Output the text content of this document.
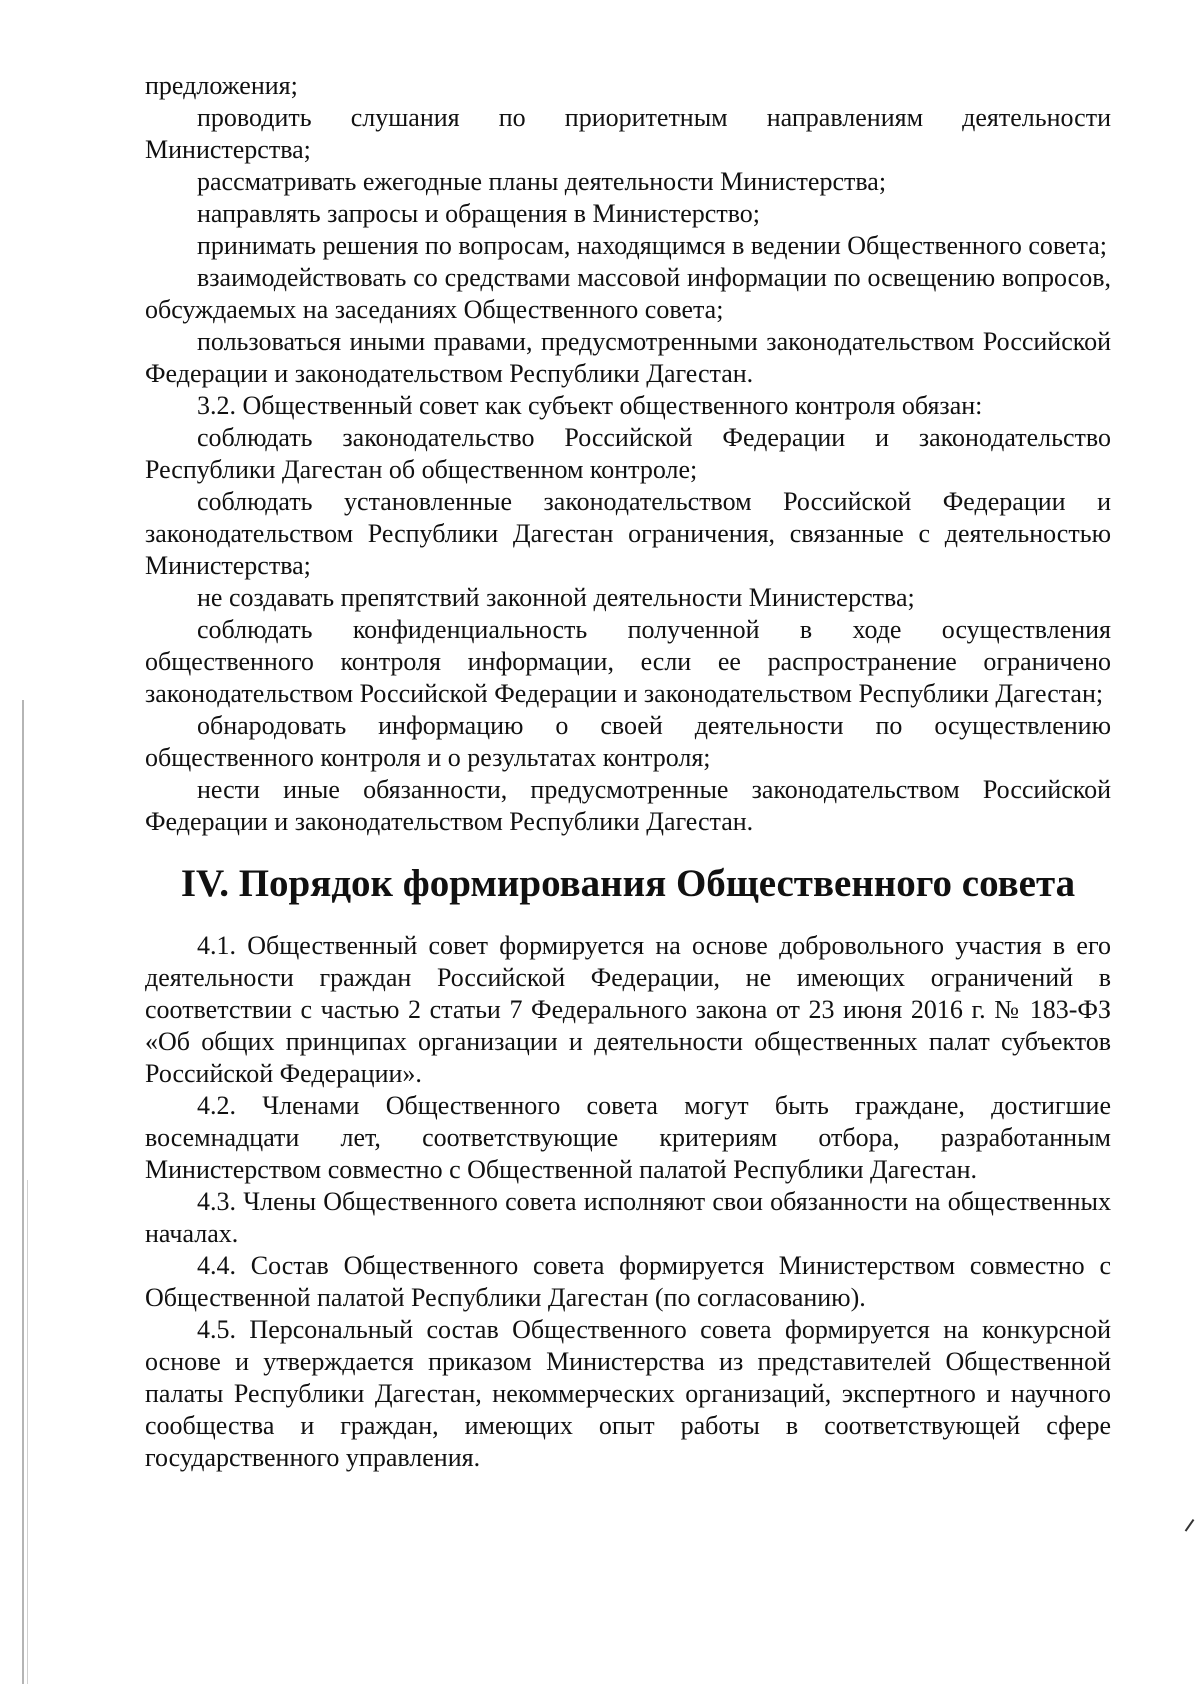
предложения;

проводить слушания по приоритетным направлениям деятельности Министерства;

рассматривать ежегодные планы деятельности Министерства;

направлять запросы и обращения в Министерство;

принимать решения по вопросам, находящимся в ведении Общественного совета;

взаимодействовать со средствами массовой информации по освещению вопросов, обсуждаемых на заседаниях Общественного совета;

пользоваться иными правами, предусмотренными законодательством Российской Федерации и законодательством Республики Дагестан.

3.2. Общественный совет как субъект общественного контроля обязан:

соблюдать законодательство Российской Федерации и законодательство Республики Дагестан об общественном контроле;

соблюдать установленные законодательством Российской Федерации и законодательством Республики Дагестан ограничения, связанные с деятельностью Министерства;

не создавать препятствий законной деятельности Министерства;

соблюдать конфиденциальность полученной в ходе осуществления общественного контроля информации, если ее распространение ограничено законодательством Российской Федерации и законодательством Республики Дагестан;

обнародовать информацию о своей деятельности по осуществлению общественного контроля и о результатах контроля;

нести иные обязанности, предусмотренные законодательством Российской Федерации и законодательством Республики Дагестан.

IV. Порядок формирования Общественного совета

4.1. Общественный совет формируется на основе добровольного участия в его деятельности граждан Российской Федерации, не имеющих ограничений в соответствии с частью 2 статьи 7 Федерального закона от 23 июня 2016 г. № 183-ФЗ «Об общих принципах организации и деятельности общественных палат субъектов Российской Федерации».

4.2. Членами Общественного совета могут быть граждане, достигшие восемнадцати лет, соответствующие критериям отбора, разработанным Министерством совместно с Общественной палатой Республики Дагестан.

4.3. Члены Общественного совета исполняют свои обязанности на общественных началах.

4.4. Состав Общественного совета формируется Министерством совместно с Общественной палатой Республики Дагестан (по согласованию).

4.5. Персональный состав Общественного совета формируется на конкурсной основе и утверждается приказом Министерства из представителей Общественной палаты Республики Дагестан, некоммерческих организаций, экспертного и научного сообщества и граждан, имеющих опыт работы в соответствующей сфере государственного управления.
